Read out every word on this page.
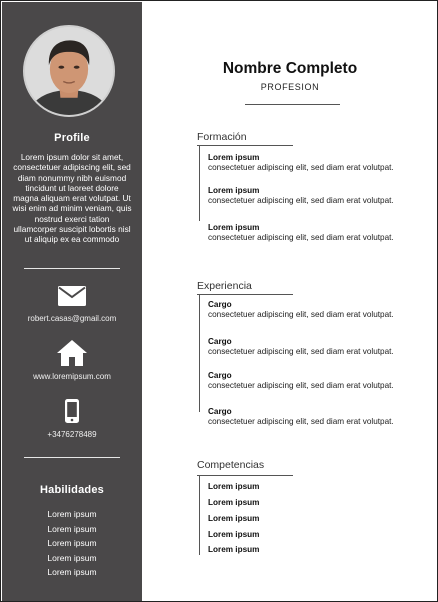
Profile
Lorem ipsum dolor sit amet, consectetuer adipiscing elit, sed diam nonummy nibh euismod tincidunt ut laoreet dolore magna aliquam erat volutpat. Ut wisi enim ad minim veniam, quis nostrud exerci tation ullamcorper suscipit lobortis nisl ut aliquip ex ea commodo
robert.casas@gmail.com
www.loremipsum.com
+3476278489
Habilidades
Lorem ipsum
Lorem ipsum
Lorem ipsum
Lorem ipsum
Lorem ipsum
Nombre Completo
PROFESION
Formación
Lorem ipsum
consectetuer adipiscing elit, sed diam erat volutpat.
Lorem ipsum
consectetuer adipiscing elit, sed diam erat volutpat.
Lorem ipsum
consectetuer adipiscing elit, sed diam erat volutpat.
Experiencia
Cargo
consectetuer adipiscing elit, sed diam erat volutpat.
Cargo
consectetuer adipiscing elit, sed diam erat volutpat.
Cargo
consectetuer adipiscing elit, sed diam erat volutpat.
Cargo
consectetuer adipiscing elit, sed diam erat volutpat.
Competencias
Lorem ipsum
Lorem ipsum
Lorem ipsum
Lorem ipsum
Lorem ipsum
